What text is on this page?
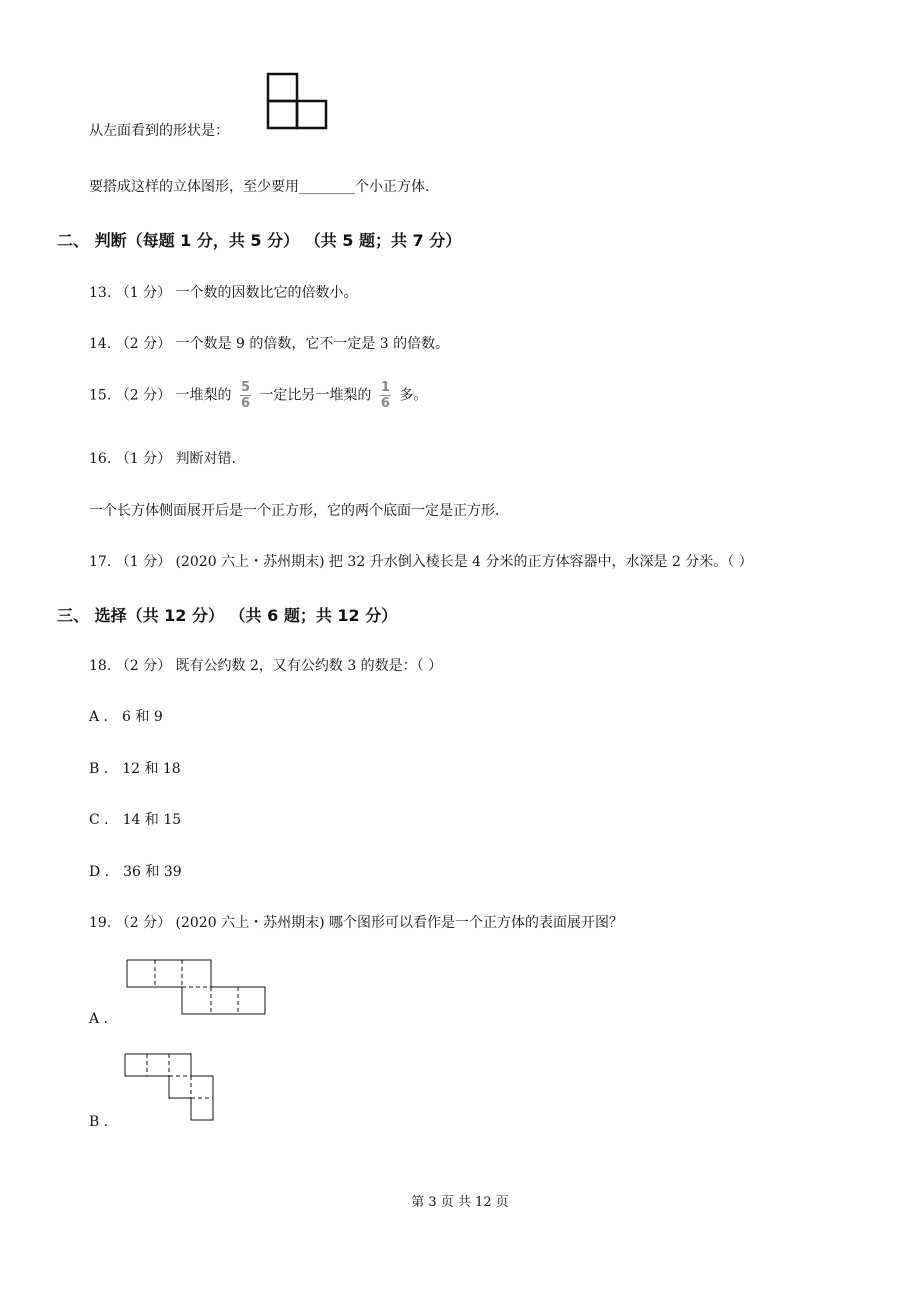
从左面看到的形状是：
要搭成这样的立体图形，至少要用________个小正方体．
二、 判断（每题 1 分，共 5 分） （共 5 题；共 7 分）
13. （1 分） 一个数的因数比它的倍数小。
14. （2 分） 一个数是 9 的倍数，它不一定是 3 的倍数。
15. （2 分） 一堆梨的 $\frac{5}{6}$ 一定比另一堆梨的 $\frac{1}{6}$ 多。
16. （1 分） 判断对错．
一个长方体侧面展开后是一个正方形，它的两个底面一定是正方形．
17. （1 分） (2020 六上・苏州期末) 把 32 升水倒入棱长是 4 分米的正方体容器中，水深是 2 分米。（ ）
三、 选择（共 12 分） （共 6 题；共 12 分）
18. （2 分） 既有公约数 2，又有公约数 3 的数是：（ ）
A ． 6 和 9
B ． 12 和 18
C ． 14 和 15
D ． 36 和 39
19. （2 分） (2020 六上・苏州期末) 哪个图形可以看作是一个正方体的表面展开图？
A ．
B ．
第 3 页 共 12 页
